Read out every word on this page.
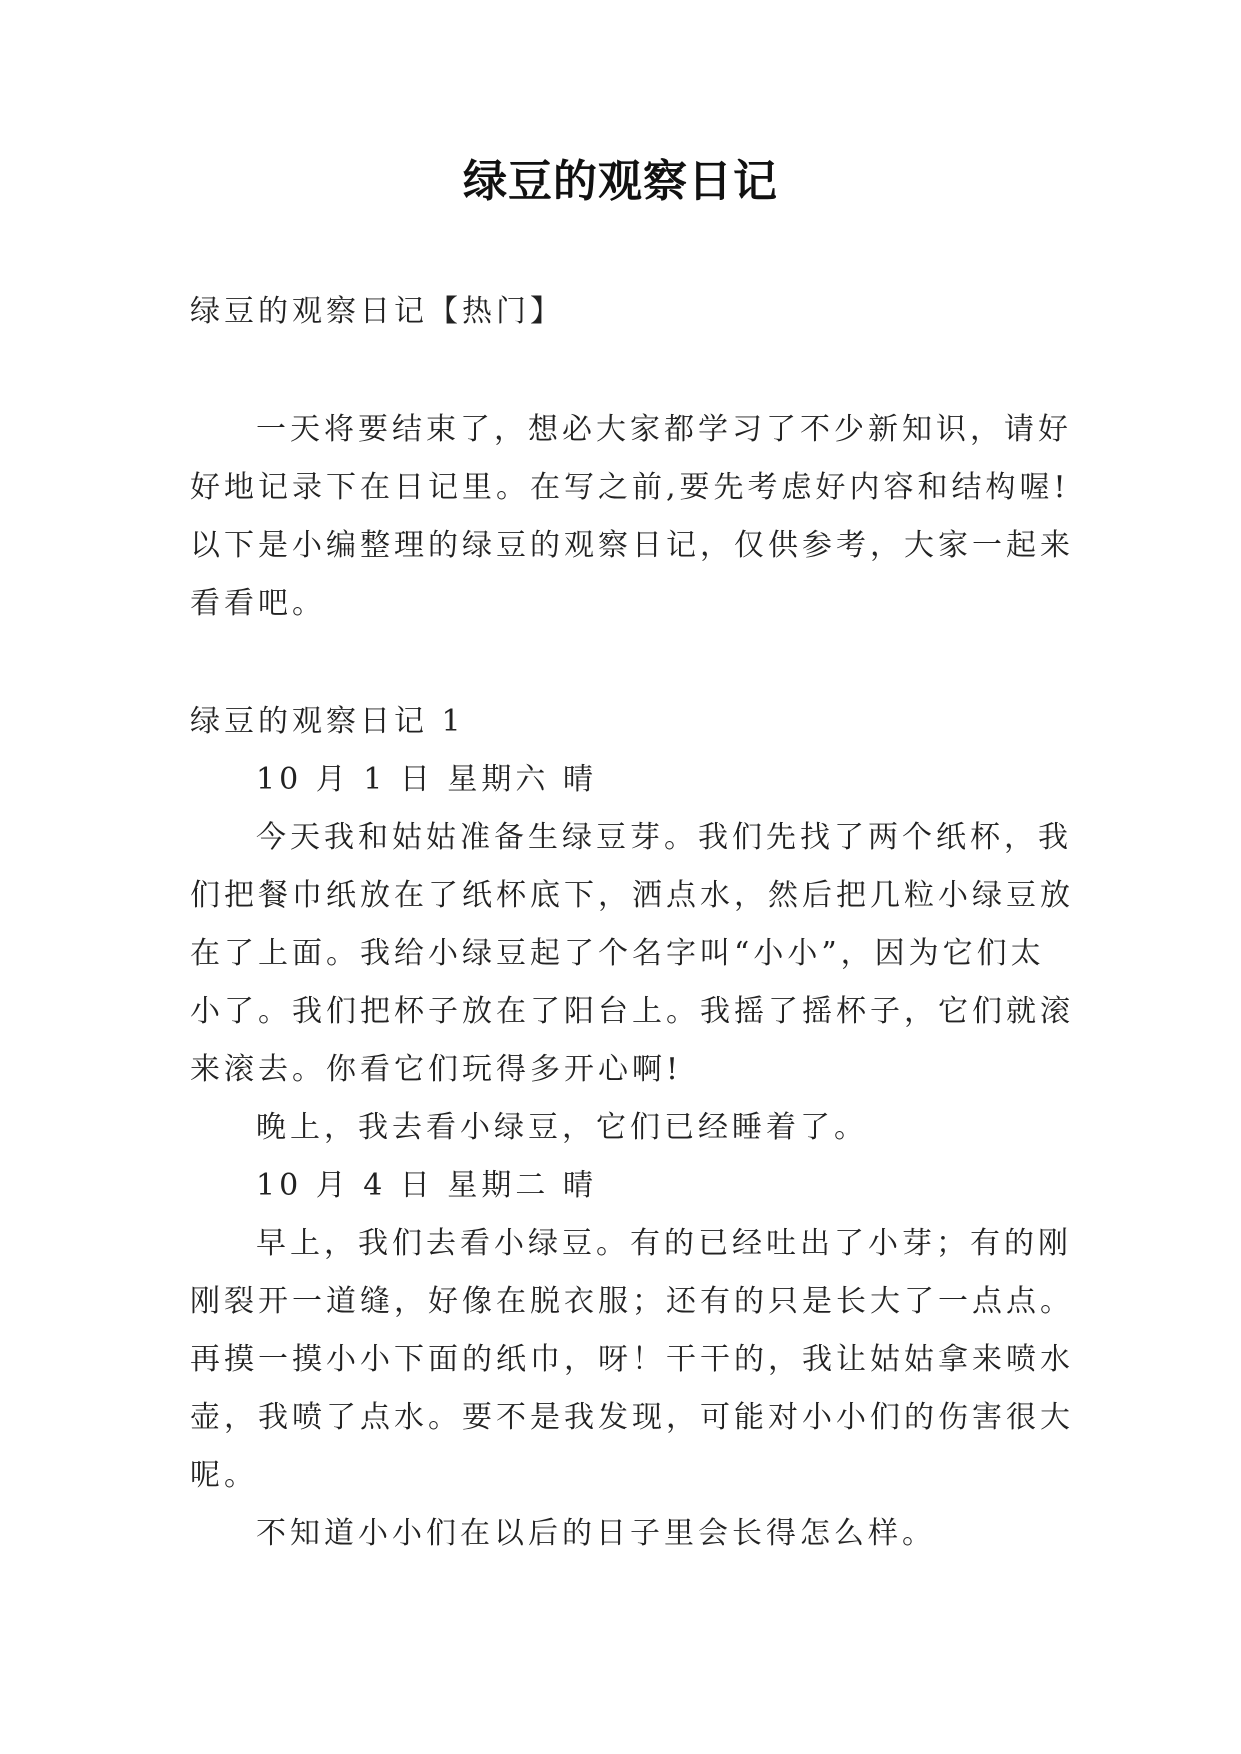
绿豆的观察日记
绿豆的观察日记【热门】
一天将要结束了，想必大家都学习了不少新知识，请好
好地记录下在日记里。在写之前,要先考虑好内容和结构喔!
以下是小编整理的绿豆的观察日记，仅供参考，大家一起来
看看吧。
绿豆的观察日记 1
10 月 1 日 星期六 晴
今天我和姑姑准备生绿豆芽。我们先找了两个纸杯，我
们把餐巾纸放在了纸杯底下，洒点水，然后把几粒小绿豆放
在了上面。我给小绿豆起了个名字叫“小小”，因为它们太
小了。我们把杯子放在了阳台上。我摇了摇杯子，它们就滚
来滚去。你看它们玩得多开心啊!
晚上，我去看小绿豆，它们已经睡着了。
10 月 4 日 星期二 晴
早上，我们去看小绿豆。有的已经吐出了小芽；有的刚
刚裂开一道缝，好像在脱衣服；还有的只是长大了一点点。
再摸一摸小小下面的纸巾，呀！干干的，我让姑姑拿来喷水
壶，我喷了点水。要不是我发现，可能对小小们的伤害很大
呢。
不知道小小们在以后的日子里会长得怎么样。
